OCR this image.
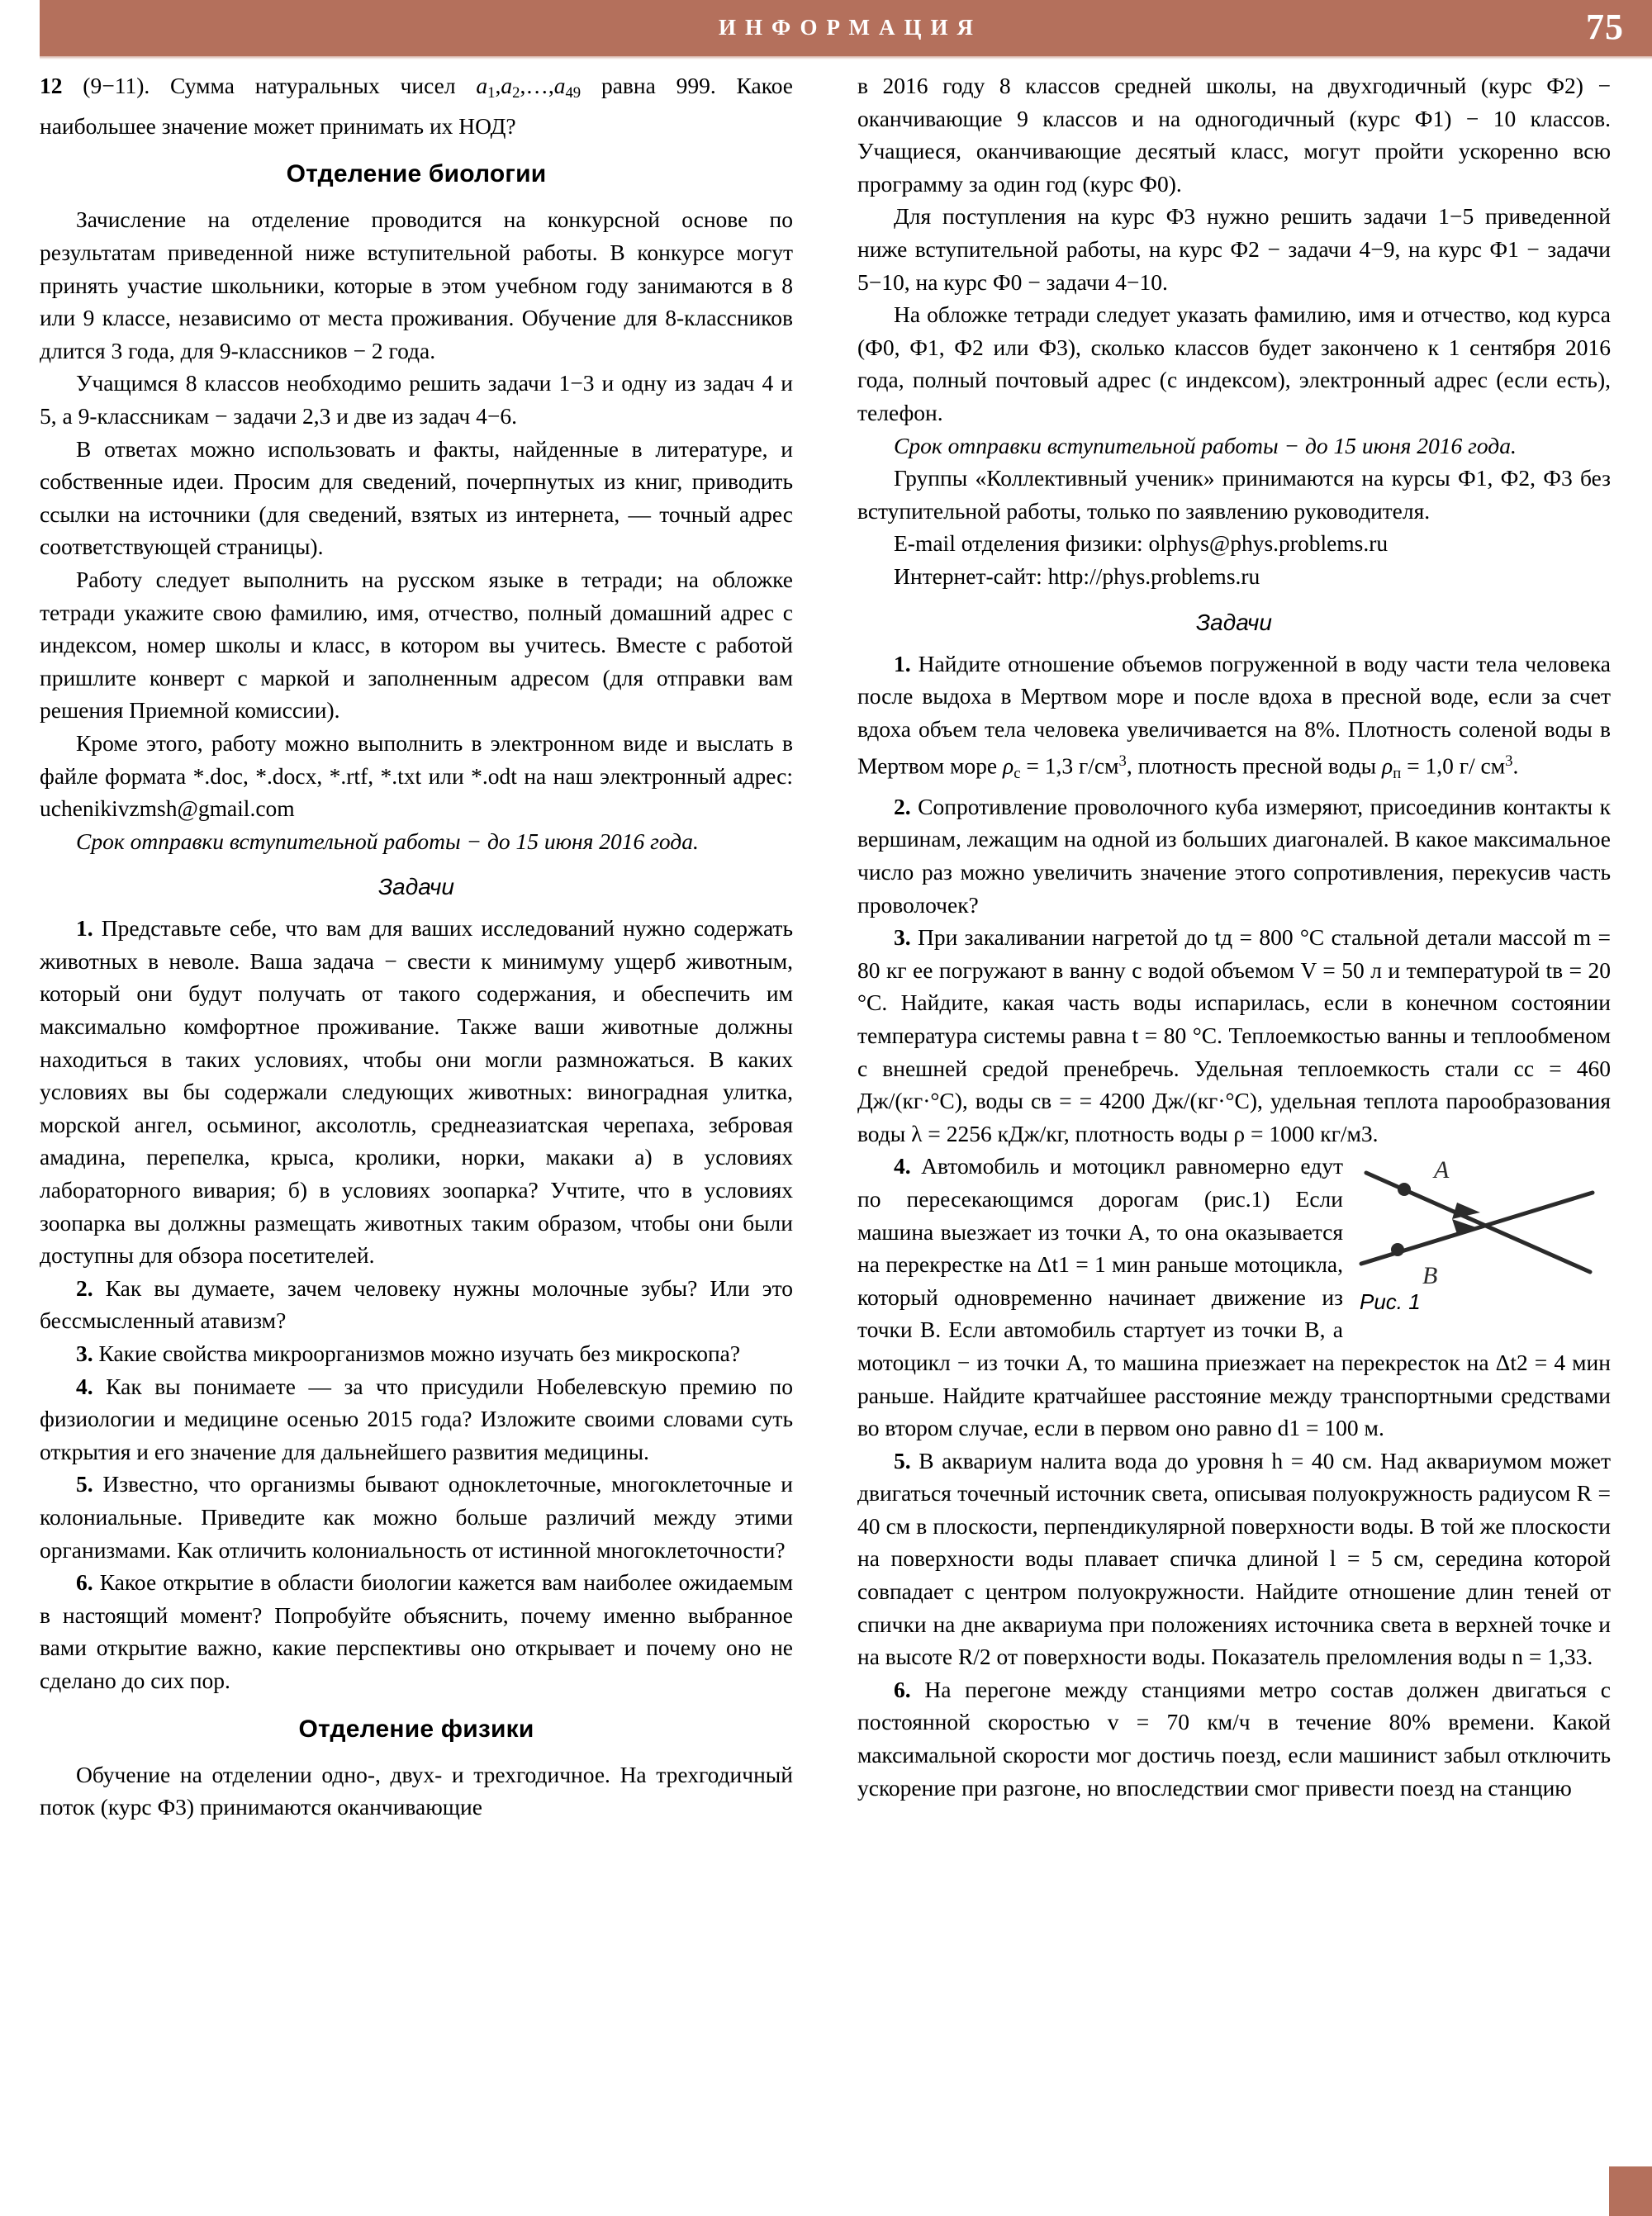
ИНФОРМАЦИЯ	75

12 (9−11). Сумма натуральных чисел $a_1,a_2,\dots,a_{49}$ равна 999. Какое наибольшее значение может принимать их НОД?

Отделение биологии

Зачисление на отделение проводится на конкурсной основе по результатам приведенной ниже вступительной работы. В конкурсе могут принять участие школьники, которые в этом учебном году занимаются в 8 или 9 классе, независимо от места проживания. Обучение для 8-классников длится 3 года, для 9-классников − 2 года.

Учащимся 8 классов необходимо решить задачи 1−3 и одну из задач 4 и 5, а 9-классникам − задачи 2,3 и две из задач 4−6.

В ответах можно использовать и факты, найденные в литературе, и собственные идеи. Просим для сведений, почерпнутых из книг, приводить ссылки на источники (для сведений, взятых из интернета, — точный адрес соответствующей страницы).

Работу следует выполнить на русском языке в тетради; на обложке тетради укажите свою фамилию, имя, отчество, полный домашний адрес с индексом, номер школы и класс, в котором вы учитесь. Вместе с работой пришлите конверт с маркой и заполненным адресом (для отправки вам решения Приемной комиссии).

Кроме этого, работу можно выполнить в электронном виде и выслать в файле формата *.doc, *.docx, *.rtf, *.txt или *.odt на наш электронный адрес: uchenikivzmsh@gmail.com

Срок отправки вступительной работы − до 15 июня 2016 года.

Задачи

1. Представьте себе, что вам для ваших исследований нужно содержать животных в неволе. Ваша задача − свести к минимуму ущерб животным, который они будут получать от такого содержания, и обеспечить им максимально комфортное проживание. Также ваши животные должны находиться в таких условиях, чтобы они могли размножаться. В каких условиях вы бы содержали следующих животных: виноградная улитка, морской ангел, осьминог, аксолотль, среднеазиатская черепаха, зебровая амадина, перепелка, крыса, кролики, норки, макаки а) в условиях лабораторного вивария; б) в условиях зоопарка? Учтите, что в условиях зоопарка вы должны размещать животных таким образом, чтобы они были доступны для обзора посетителей.

2. Как вы думаете, зачем человеку нужны молочные зубы? Или это бессмысленный атавизм?

3. Какие свойства микроорганизмов можно изучать без микроскопа?

4. Как вы понимаете — за что присудили Нобелевскую премию по физиологии и медицине осенью 2015 года? Изложите своими словами суть открытия и его значение для дальнейшего развития медицины.

5. Известно, что организмы бывают одноклеточные, многоклеточные и колониальные. Приведите как можно больше различий между этими организмами. Как отличить колониальность от истинной многоклеточности?

6. Какое открытие в области биологии кажется вам наиболее ожидаемым в настоящий момент? Попробуйте объяснить, почему именно выбранное вами открытие важно, какие перспективы оно открывает и почему оно не сделано до сих пор.

Отделение физики

Обучение на отделении одно-, двух- и трехгодичное. На трехгодичный поток (курс Ф3) принимаются оканчивающие

в 2016 году 8 классов средней школы, на двухгодичный (курс Ф2) − оканчивающие 9 классов и на одногодичный (курс Ф1) − 10 классов. Учащиеся, оканчивающие десятый класс, могут пройти ускоренно всю программу за один год (курс Ф0).

Для поступления на курс Ф3 нужно решить задачи 1−5 приведенной ниже вступительной работы, на курс Ф2 − задачи 4−9, на курс Ф1 − задачи 5−10, на курс Ф0 − задачи 4−10.

На обложке тетради следует указать фамилию, имя и отчество, код курса (Ф0, Ф1, Ф2 или Ф3), сколько классов будет закончено к 1 сентября 2016 года, полный почтовый адрес (с индексом), электронный адрес (если есть), телефон.

Срок отправки вступительной работы − до 15 июня 2016 года.

Группы «Коллективный ученик» принимаются на курсы Ф1, Ф2, Ф3 без вступительной работы, только по заявлению руководителя.

E-mail отделения физики: olphys@phys.problems.ru

Интернет-сайт: http://phys.problems.ru

Задачи

1. Найдите отношение объемов погруженной в воду части тела человека после выдоха в Мертвом море и после вдоха в пресной воде, если за счет вдоха объем тела человека увеличивается на 8%. Плотность соленой воды в Мертвом море $\rho_с = 1,3$ $г/см^3$, плотность пресной воды $\rho_п = 1,0$ г/ $см^3$.

2. Сопротивление проволочного куба измеряют, присоединив контакты к вершинам, лежащим на одной из больших диагоналей. В какое максимальное число раз можно увеличить значение этого сопротивления, перекусив часть проволочек?

3. При закаливании нагретой до tд = 800 °C стальной детали массой m = 80 кг ее погружают в ванну с водой объемом V = 50 л и температурой tв = 20 °C. Найдите, какая часть воды испарилась, если в конечном состоянии температура системы равна t = 80 °C. Теплоемкостью ванны и теплообменом с внешней средой пренебречь. Удельная теплоемкость стали cс = 460 Дж/(кг·°C), воды cв = = 4200 Дж/(кг·°C), удельная теплота парообразования воды λ = 2256 кДж/кг, плотность воды ρ = 1000 кг/м3.

A
B
Рис. 1

4. Автомобиль и мотоцикл равномерно едут по пересекающимся дорогам (рис.1) Если машина выезжает из точки A, то она оказывается на перекрестке на Δt1 = 1 мин раньше мотоцикла, который одновременно начинает движение из точки B. Если автомобиль стартует из точки B, а мотоцикл − из точки A, то машина приезжает на перекресток на Δt2 = 4 мин раньше. Найдите кратчайшее расстояние между транспортными средствами во втором случае, если в первом оно равно d1 = 100 м.

5. В аквариум налита вода до уровня h = 40 см. Над аквариумом может двигаться точечный источник света, описывая полуокружность радиусом R = 40 см в плоскости, перпендикулярной поверхности воды. В той же плоскости на поверхности воды плавает спичка длиной l = 5 см, середина которой совпадает с центром полуокружности. Найдите отношение длин теней от спички на дне аквариума при положениях источника света в верхней точке и на высоте R/2 от поверхности воды. Показатель преломления воды n = 1,33.

6. На перегоне между станциями метро состав должен двигаться с постоянной скоростью v = 70 км/ч в течение 80% времени. Какой максимальной скорости мог достичь поезд, если машинист забыл отключить ускорение при разгоне, но впоследствии смог привести поезд на станцию
